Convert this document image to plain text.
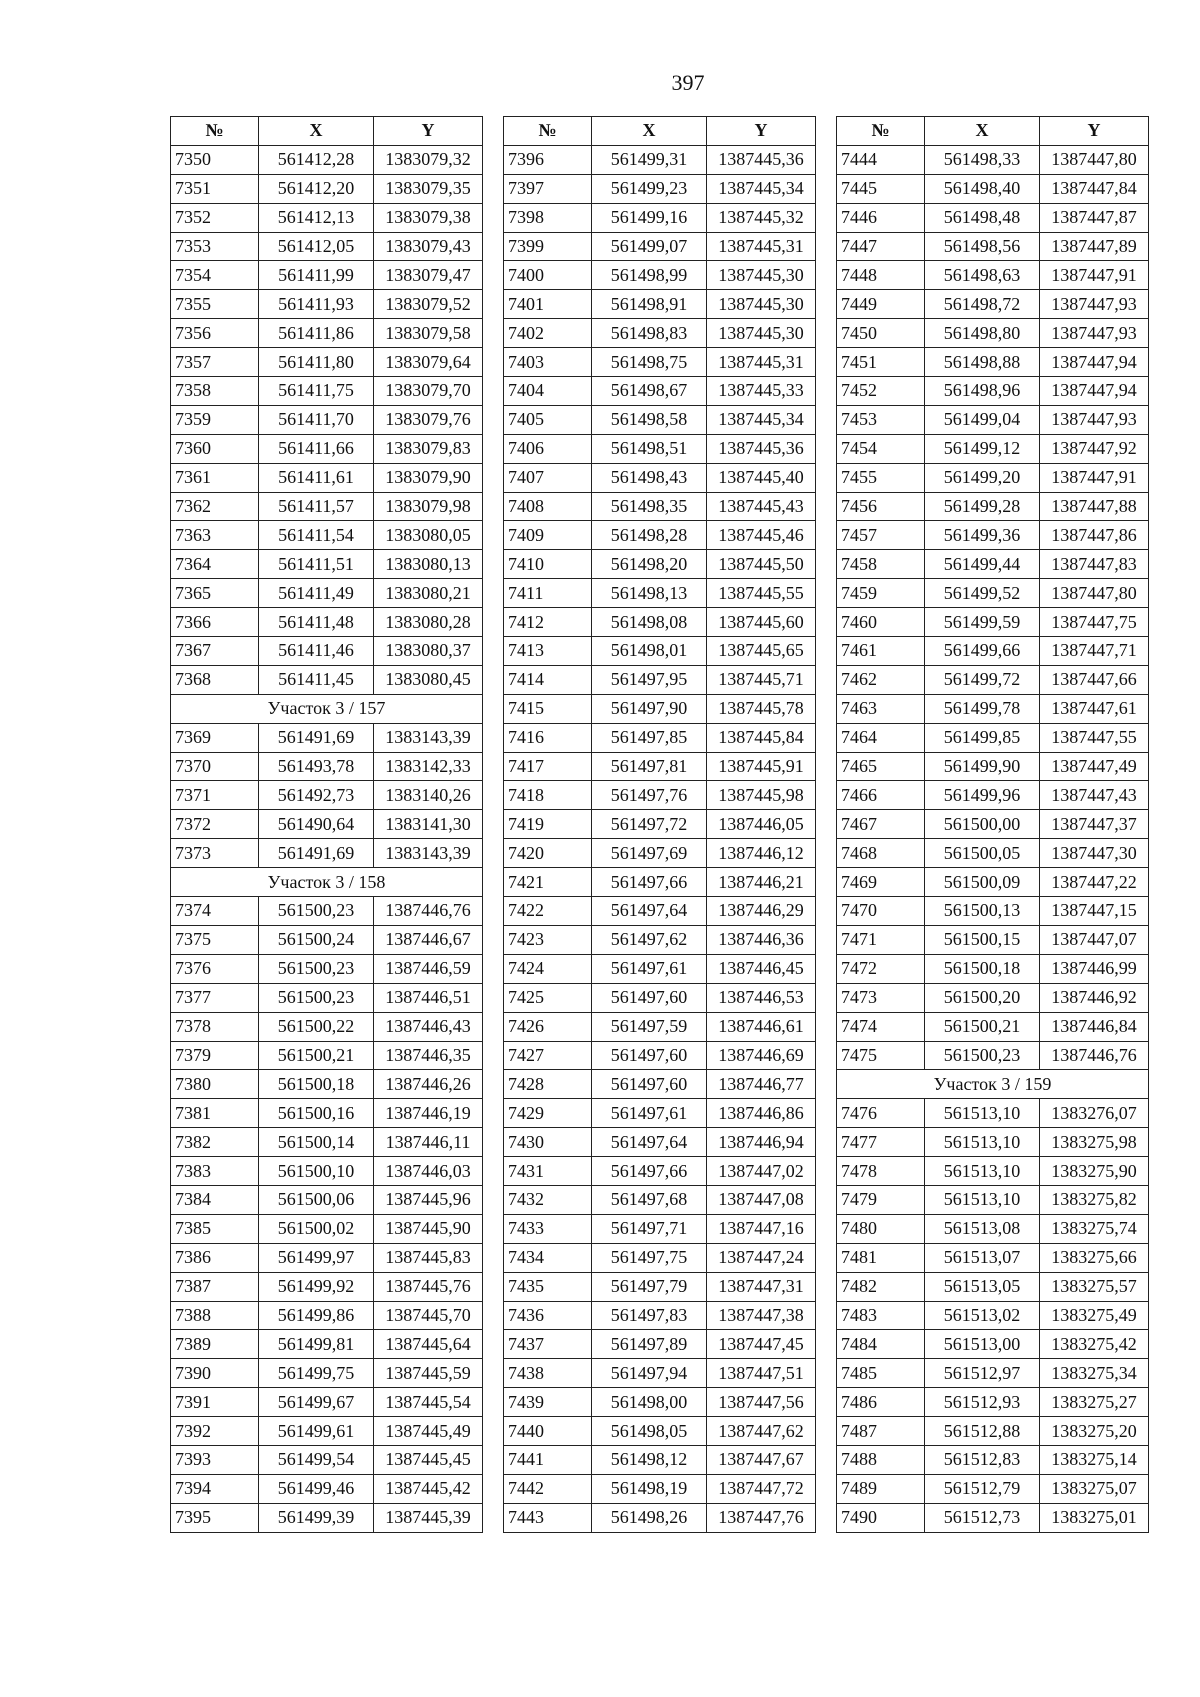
397
№	X	Y
7350	561412,28	1383079,32
7351	561412,20	1383079,35
7352	561412,13	1383079,38
7353	561412,05	1383079,43
7354	561411,99	1383079,47
7355	561411,93	1383079,52
7356	561411,86	1383079,58
7357	561411,80	1383079,64
7358	561411,75	1383079,70
7359	561411,70	1383079,76
7360	561411,66	1383079,83
7361	561411,61	1383079,90
7362	561411,57	1383079,98
7363	561411,54	1383080,05
7364	561411,51	1383080,13
7365	561411,49	1383080,21
7366	561411,48	1383080,28
7367	561411,46	1383080,37
7368	561411,45	1383080,45
Участок 3 / 157		
7369	561491,69	1383143,39
7370	561493,78	1383142,33
7371	561492,73	1383140,26
7372	561490,64	1383141,30
7373	561491,69	1383143,39
Участок 3 / 158		
7374	561500,23	1387446,76
7375	561500,24	1387446,67
7376	561500,23	1387446,59
7377	561500,23	1387446,51
7378	561500,22	1387446,43
7379	561500,21	1387446,35
7380	561500,18	1387446,26
7381	561500,16	1387446,19
7382	561500,14	1387446,11
7383	561500,10	1387446,03
7384	561500,06	1387445,96
7385	561500,02	1387445,90
7386	561499,97	1387445,83
7387	561499,92	1387445,76
7388	561499,86	1387445,70
7389	561499,81	1387445,64
7390	561499,75	1387445,59
7391	561499,67	1387445,54
7392	561499,61	1387445,49
7393	561499,54	1387445,45
7394	561499,46	1387445,42
7395	561499,39	1387445,39
№	X	Y
7396	561499,31	1387445,36
7397	561499,23	1387445,34
7398	561499,16	1387445,32
7399	561499,07	1387445,31
7400	561498,99	1387445,30
7401	561498,91	1387445,30
7402	561498,83	1387445,30
7403	561498,75	1387445,31
7404	561498,67	1387445,33
7405	561498,58	1387445,34
7406	561498,51	1387445,36
7407	561498,43	1387445,40
7408	561498,35	1387445,43
7409	561498,28	1387445,46
7410	561498,20	1387445,50
7411	561498,13	1387445,55
7412	561498,08	1387445,60
7413	561498,01	1387445,65
7414	561497,95	1387445,71
7415	561497,90	1387445,78
7416	561497,85	1387445,84
7417	561497,81	1387445,91
7418	561497,76	1387445,98
7419	561497,72	1387446,05
7420	561497,69	1387446,12
7421	561497,66	1387446,21
7422	561497,64	1387446,29
7423	561497,62	1387446,36
7424	561497,61	1387446,45
7425	561497,60	1387446,53
7426	561497,59	1387446,61
7427	561497,60	1387446,69
7428	561497,60	1387446,77
7429	561497,61	1387446,86
7430	561497,64	1387446,94
7431	561497,66	1387447,02
7432	561497,68	1387447,08
7433	561497,71	1387447,16
7434	561497,75	1387447,24
7435	561497,79	1387447,31
7436	561497,83	1387447,38
7437	561497,89	1387447,45
7438	561497,94	1387447,51
7439	561498,00	1387447,56
7440	561498,05	1387447,62
7441	561498,12	1387447,67
7442	561498,19	1387447,72
7443	561498,26	1387447,76
№	X	Y
7444	561498,33	1387447,80
7445	561498,40	1387447,84
7446	561498,48	1387447,87
7447	561498,56	1387447,89
7448	561498,63	1387447,91
7449	561498,72	1387447,93
7450	561498,80	1387447,93
7451	561498,88	1387447,94
7452	561498,96	1387447,94
7453	561499,04	1387447,93
7454	561499,12	1387447,92
7455	561499,20	1387447,91
7456	561499,28	1387447,88
7457	561499,36	1387447,86
7458	561499,44	1387447,83
7459	561499,52	1387447,80
7460	561499,59	1387447,75
7461	561499,66	1387447,71
7462	561499,72	1387447,66
7463	561499,78	1387447,61
7464	561499,85	1387447,55
7465	561499,90	1387447,49
7466	561499,96	1387447,43
7467	561500,00	1387447,37
7468	561500,05	1387447,30
7469	561500,09	1387447,22
7470	561500,13	1387447,15
7471	561500,15	1387447,07
7472	561500,18	1387446,99
7473	561500,20	1387446,92
7474	561500,21	1387446,84
7475	561500,23	1387446,76
Участок 3 / 159		
7476	561513,10	1383276,07
7477	561513,10	1383275,98
7478	561513,10	1383275,90
7479	561513,10	1383275,82
7480	561513,08	1383275,74
7481	561513,07	1383275,66
7482	561513,05	1383275,57
7483	561513,02	1383275,49
7484	561513,00	1383275,42
7485	561512,97	1383275,34
7486	561512,93	1383275,27
7487	561512,88	1383275,20
7488	561512,83	1383275,14
7489	561512,79	1383275,07
7490	561512,73	1383275,01
